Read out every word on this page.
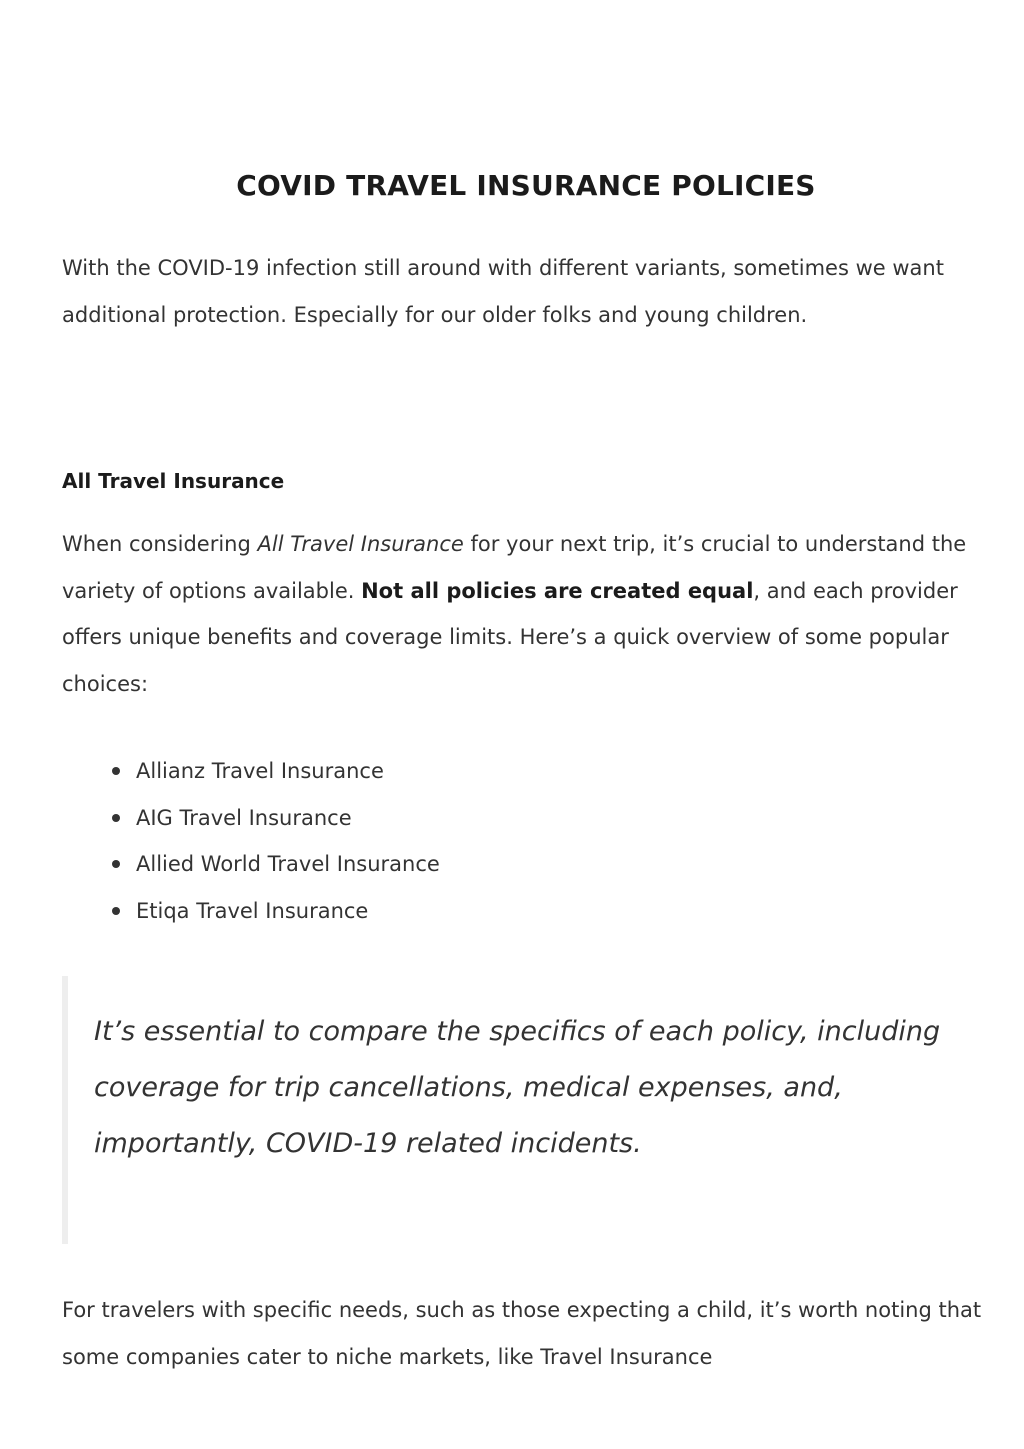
COVID TRAVEL INSURANCE POLICIES

With the COVID-19 infection still around with different variants, sometimes we want additional protection. Especially for our older folks and young children.

All Travel Insurance

When considering All Travel Insurance for your next trip, it’s crucial to understand the variety of options available. Not all policies are created equal, and each provider offers unique benefits and coverage limits. Here’s a quick overview of some popular choices:

Allianz Travel Insurance
AIG Travel Insurance
Allied World Travel Insurance
Etiqa Travel Insurance

It’s essential to compare the specifics of each policy, including coverage for trip cancellations, medical expenses, and, importantly, COVID-19 related incidents.

For travelers with specific needs, such as those expecting a child, it’s worth noting that some companies cater to niche markets, like Travel Insurance
